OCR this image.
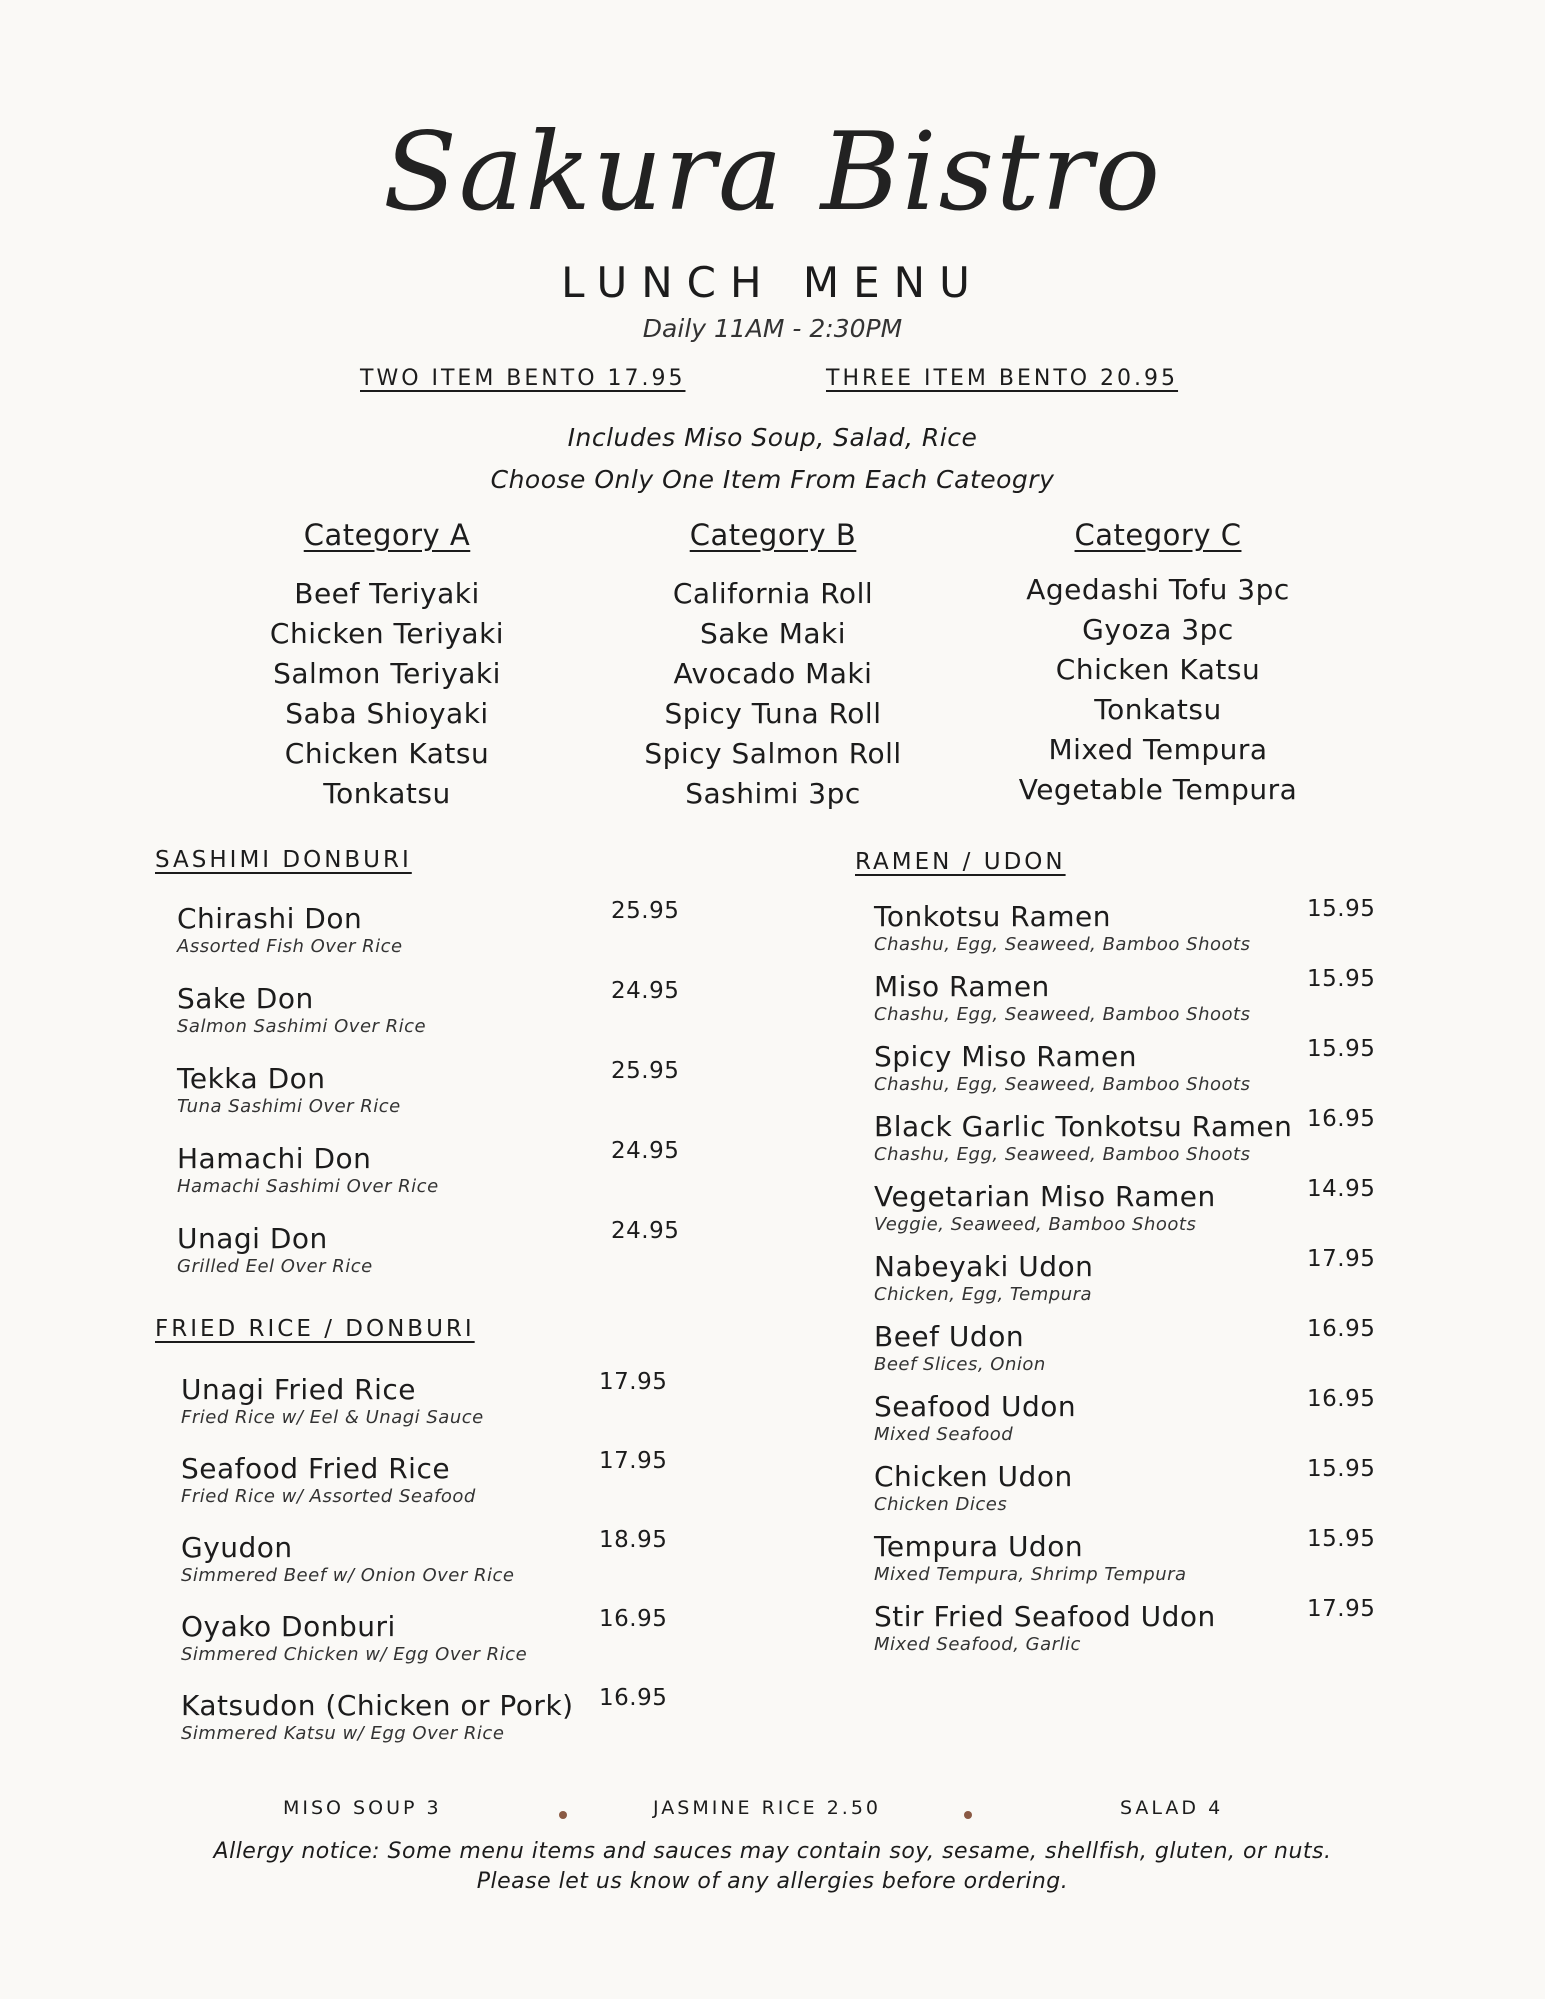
Sakura Bistro
LUNCH MENU
Daily 11AM - 2:30PM
TWO ITEM BENTO 17.95	THREE ITEM BENTO 20.95
Includes Miso Soup, Salad, Rice
Choose Only One Item From Each Cateogry
Category A
Beef Teriyaki
Chicken Teriyaki
Salmon Teriyaki
Saba Shioyaki
Chicken Katsu
Tonkatsu
Category B
California Roll
Sake Maki
Avocado Maki
Spicy Tuna Roll
Spicy Salmon Roll
Sashimi 3pc
Category C
Agedashi Tofu 3pc
Gyoza 3pc
Chicken Katsu
Tonkatsu
Mixed Tempura
Vegetable Tempura
SASHIMI DONBURI
Chirashi Don
Assorted Fish Over Rice
25.95
Sake Don
Salmon Sashimi Over Rice
24.95
Tekka Don
Tuna Sashimi Over Rice
25.95
Hamachi Don
Hamachi Sashimi Over Rice
24.95
Unagi Don
Grilled Eel Over Rice
24.95
FRIED RICE / DONBURI
Unagi Fried Rice
Fried Rice w/ Eel & Unagi Sauce
17.95
Seafood Fried Rice
Fried Rice w/ Assorted Seafood
17.95
Gyudon
Simmered Beef w/ Onion Over Rice
18.95
Oyako Donburi
Simmered Chicken w/ Egg Over Rice
16.95
Katsudon (Chicken or Pork)
Simmered Katsu w/ Egg Over Rice
16.95
RAMEN / UDON
Tonkotsu Ramen
Chashu, Egg, Seaweed, Bamboo Shoots
15.95
Miso Ramen
Chashu, Egg, Seaweed, Bamboo Shoots
15.95
Spicy Miso Ramen
Chashu, Egg, Seaweed, Bamboo Shoots
15.95
Black Garlic Tonkotsu Ramen
Chashu, Egg, Seaweed, Bamboo Shoots
16.95
Vegetarian Miso Ramen
Veggie, Seaweed, Bamboo Shoots
14.95
Nabeyaki Udon
Chicken, Egg, Tempura
17.95
Beef Udon
Beef Slices, Onion
16.95
Seafood Udon
Mixed Seafood
16.95
Chicken Udon
Chicken Dices
15.95
Tempura Udon
Mixed Tempura, Shrimp Tempura
15.95
Stir Fried Seafood Udon
Mixed Seafood, Garlic
17.95
MISO SOUP 3	JASMINE RICE 2.50	SALAD 4
Allergy notice: Some menu items and sauces may contain soy, sesame, shellfish, gluten, or nuts. Please let us know of any allergies before ordering.
